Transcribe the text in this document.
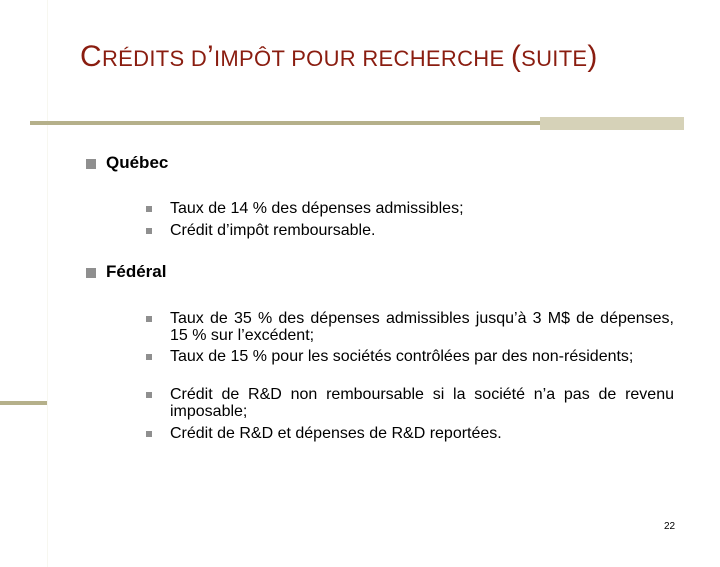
CRÉDITS D’IMPÔT POUR RECHERCHE (SUITE)
Québec
Taux de 14 % des dépenses admissibles;
Crédit d’impôt remboursable.
Fédéral
Taux de 35 % des dépenses admissibles jusqu’à 3 M$ de dépenses, 15 % sur l’excédent;
Taux de 15 % pour les sociétés contrôlées par des non-résidents;
Crédit de R&D non remboursable si la société n’a pas de revenu imposable;
Crédit de R&D et dépenses de R&D reportées.
22
